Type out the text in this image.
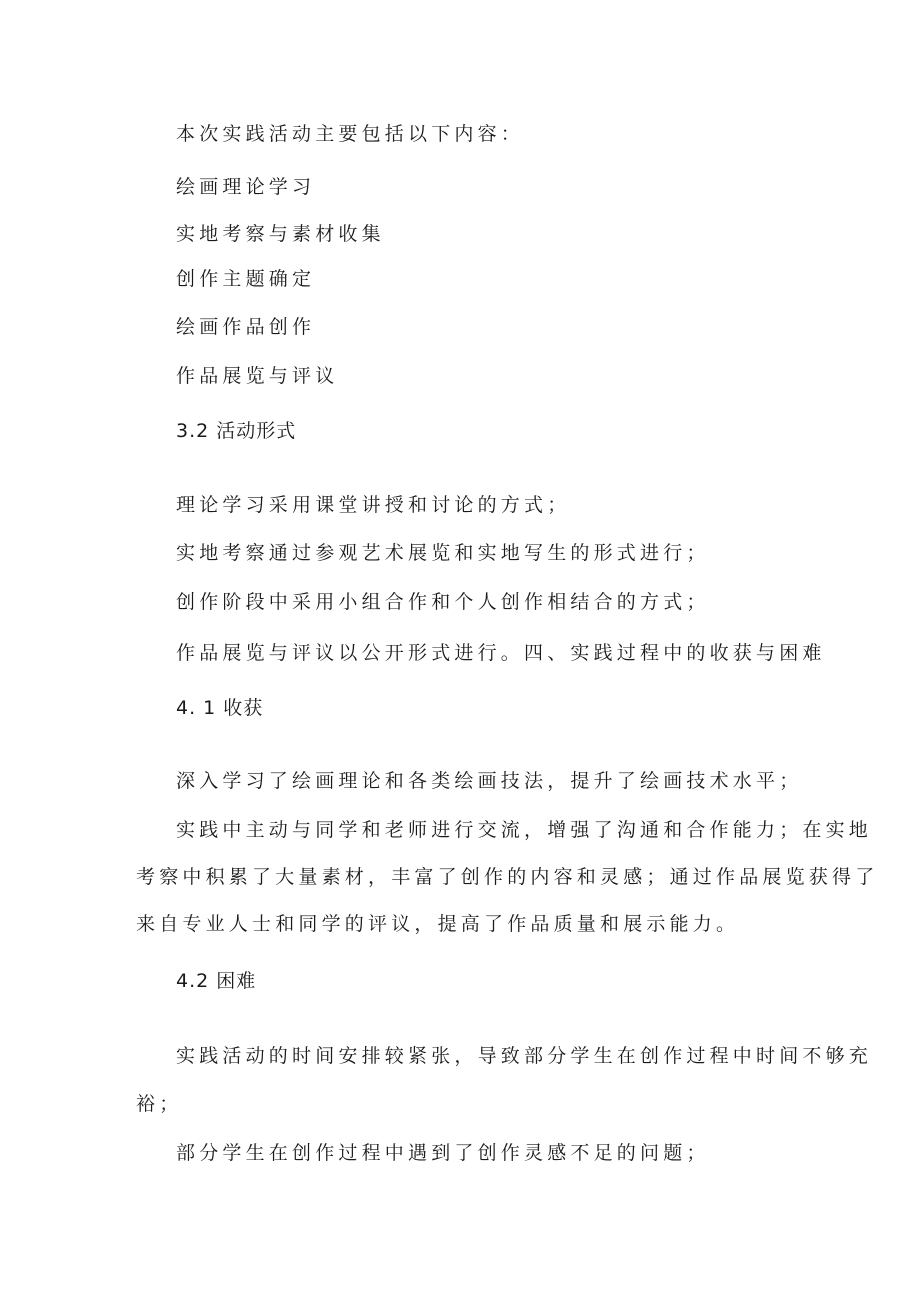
本次实践活动主要包括以下内容：

绘画理论学习

实地考察与素材收集

创作主题确定

绘画作品创作

作品展览与评议

3.2 活动形式

理论学习采用课堂讲授和讨论的方式；

实地考察通过参观艺术展览和实地写生的形式进行；

创作阶段中采用小组合作和个人创作相结合的方式；

作品展览与评议以公开形式进行。四、实践过程中的收获与困难

4. 1 收获

深入学习了绘画理论和各类绘画技法，提升了绘画技术水平；

实践中主动与同学和老师进行交流，增强了沟通和合作能力；在实地

考察中积累了大量素材，丰富了创作的内容和灵感；通过作品展览获得了

来自专业人士和同学的评议，提高了作品质量和展示能力。

4.2 困难

实践活动的时间安排较紧张，导致部分学生在创作过程中时间不够充

裕；

部分学生在创作过程中遇到了创作灵感不足的问题；
